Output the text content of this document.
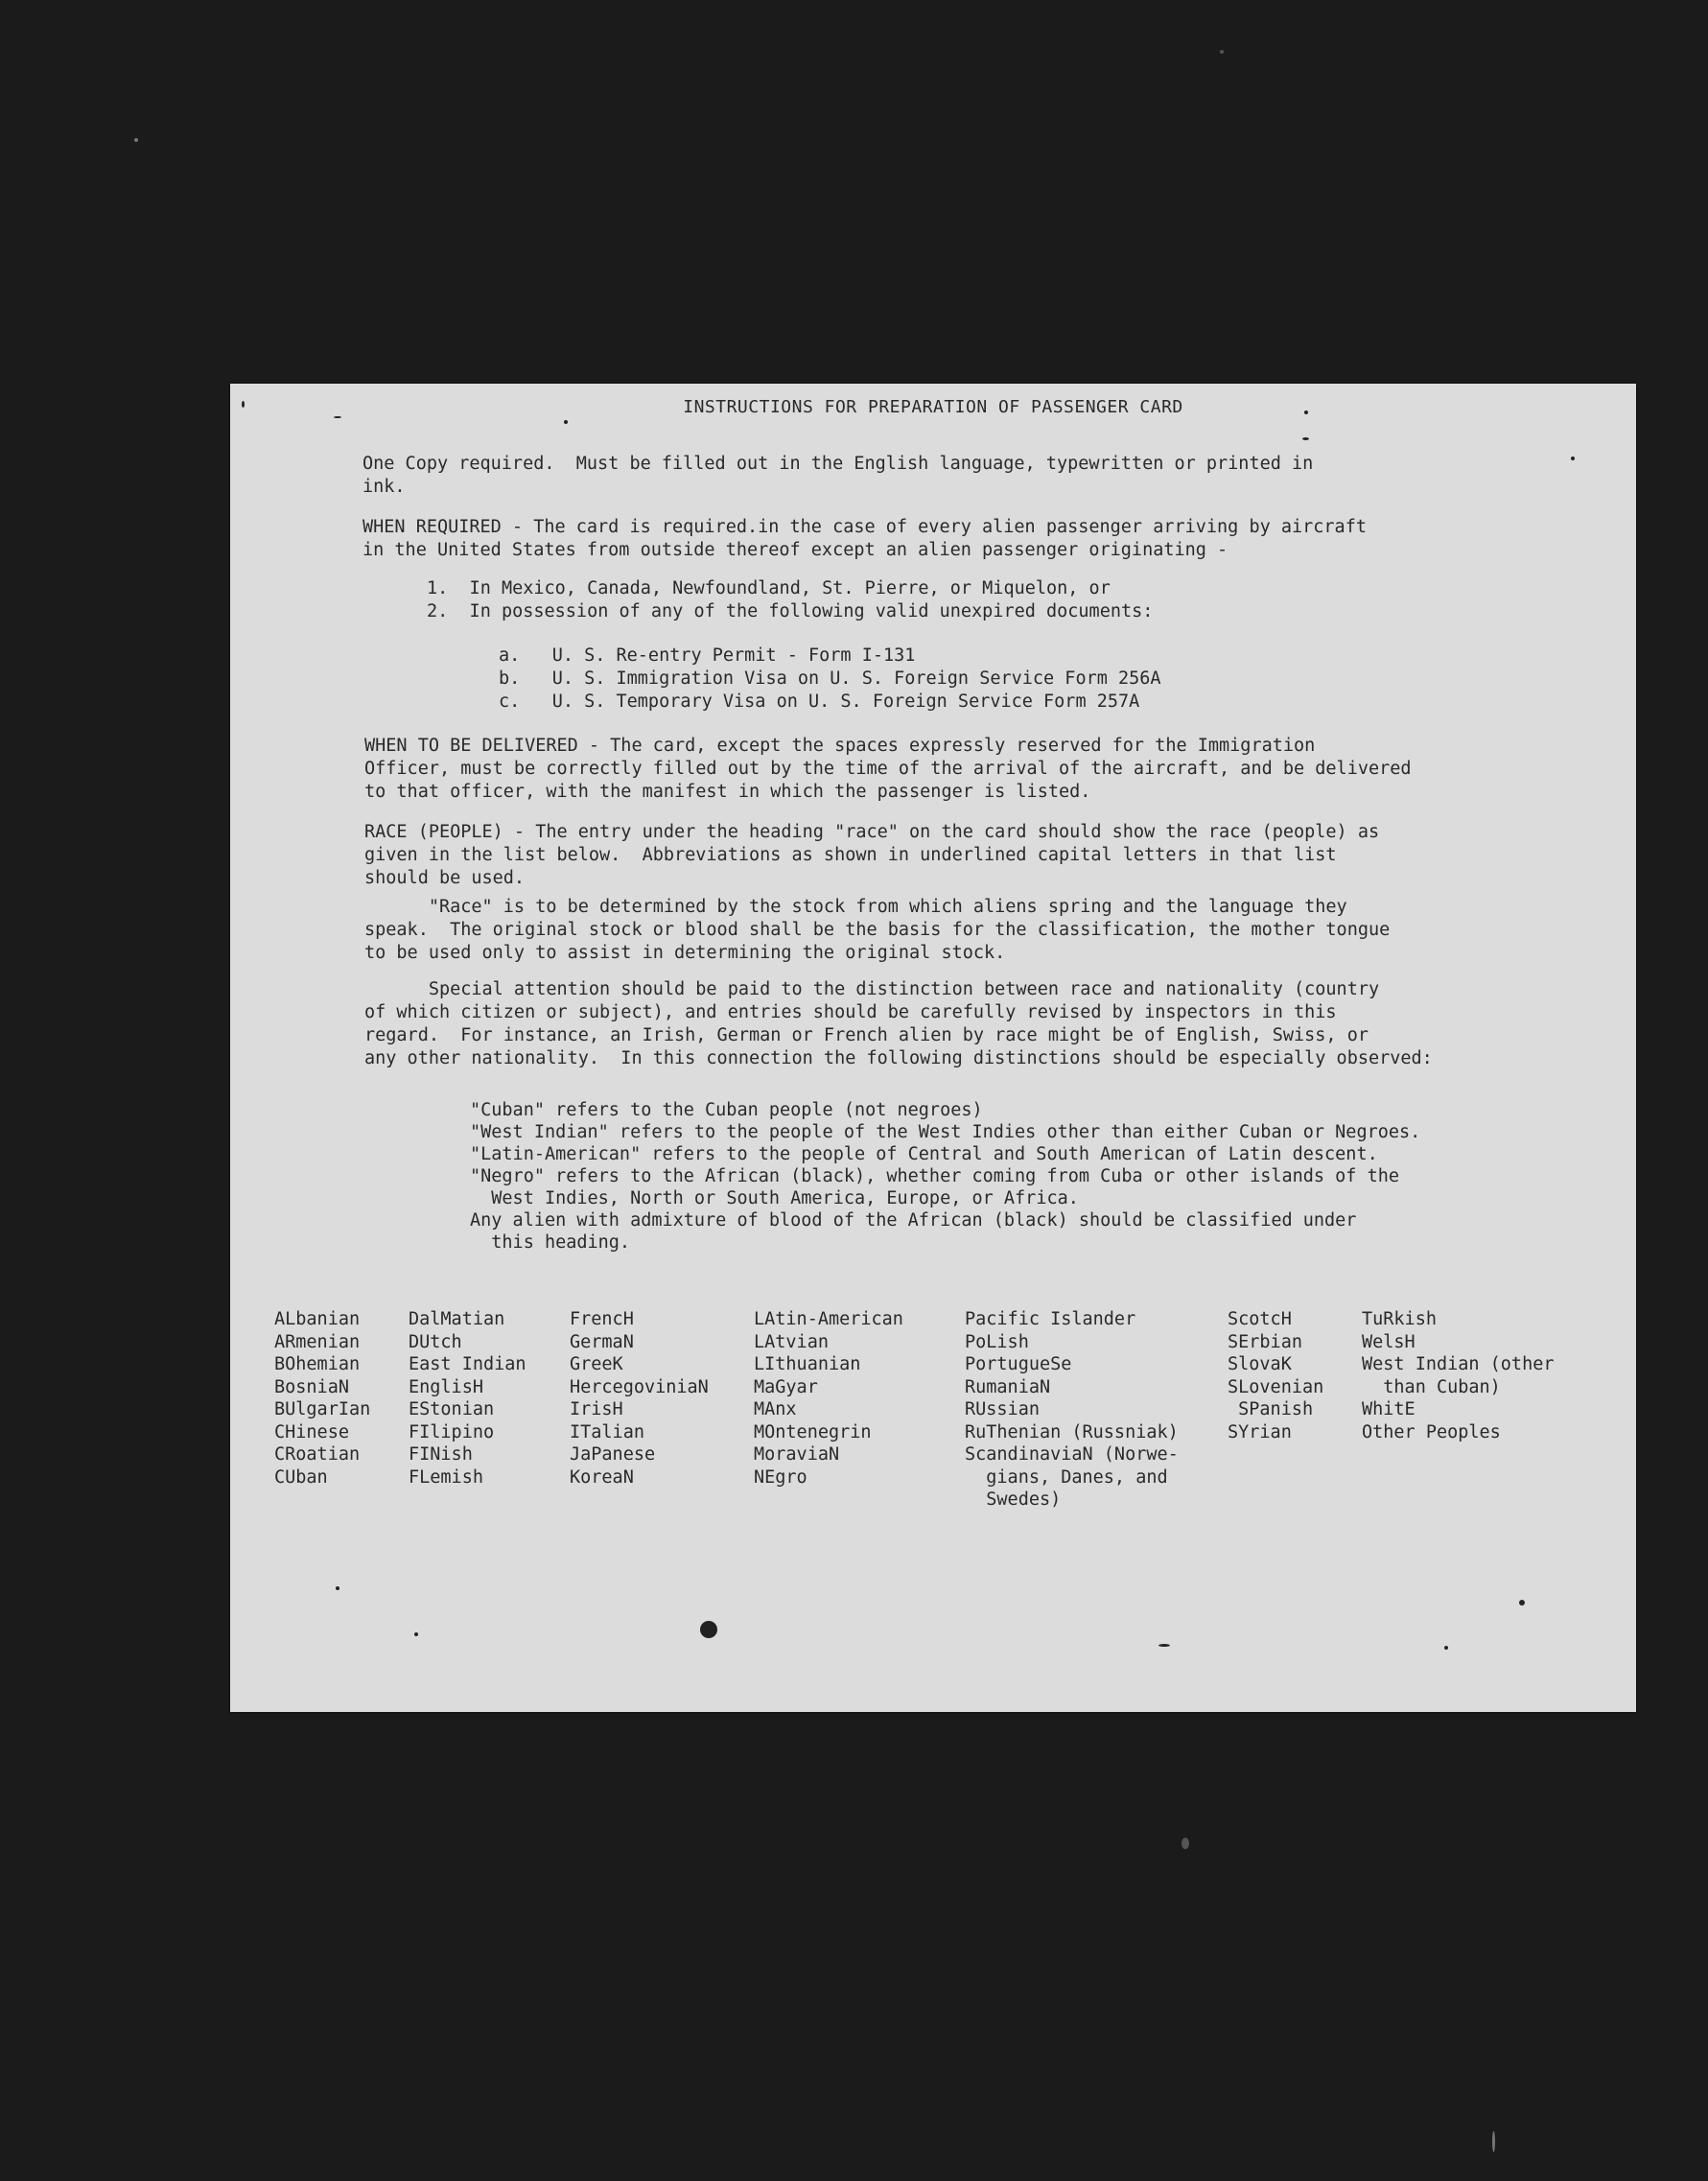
INSTRUCTIONS FOR PREPARATION OF PASSENGER CARD
One Copy required.  Must be filled out in the English language, typewritten or printed in
ink.
WHEN REQUIRED - The card is required.in the case of every alien passenger arriving by aircraft
in the United States from outside thereof except an alien passenger originating -
1.  In Mexico, Canada, Newfoundland, St. Pierre, or Miquelon, or
2.  In possession of any of the following valid unexpired documents:
a.   U. S. Re-entry Permit - Form I-131
b.   U. S. Immigration Visa on U. S. Foreign Service Form 256A
c.   U. S. Temporary Visa on U. S. Foreign Service Form 257A
WHEN TO BE DELIVERED - The card, except the spaces expressly reserved for the Immigration
Officer, must be correctly filled out by the time of the arrival of the aircraft, and be delivered
to that officer, with the manifest in which the passenger is listed.
RACE (PEOPLE) - The entry under the heading "race" on the card should show the race (people) as
given in the list below.  Abbreviations as shown in underlined capital letters in that list
should be used.
"Race" is to be determined by the stock from which aliens spring and the language they
speak.  The original stock or blood shall be the basis for the classification, the mother tongue
to be used only to assist in determining the original stock.
Special attention should be paid to the distinction between race and nationality (country
of which citizen or subject), and entries should be carefully revised by inspectors in this
regard.  For instance, an Irish, German or French alien by race might be of English, Swiss, or
any other nationality.  In this connection the following distinctions should be especially observed:
"Cuban" refers to the Cuban people (not negroes)
"West Indian" refers to the people of the West Indies other than either Cuban or Negroes.
"Latin-American" refers to the people of Central and South American of Latin descent.
"Negro" refers to the African (black), whether coming from Cuba or other islands of the
West Indies, North or South America, Europe, or Africa.
Any alien with admixture of blood of the African (black) should be classified under
this heading.
ALbanian
ARmenian
BOhemian
BosniaN
BUlgarIan
CHinese
CRoatian
CUban
DalMatian
DUtch
East Indian
EnglisH
EStonian
FIlipino
FINish
FLemish
FrencH
GermaN
GreeK
HercegoviniaN
IrisH
ITalian
JaPanese
KoreaN
LAtin-American
LAtvian
LIthuanian
MaGyar
MAnx
MOntenegrin
MoraviaN
NEgro
Pacific Islander
PoLish
PortugueSe
RumaniaN
RUssian
RuThenian (Russniak)
ScandinaviaN (Norwe-
gians, Danes, and
Swedes)
ScotcH
SErbian
SlovaK
SLovenian
SPanish
SYrian
TuRkish
WelsH
West Indian (other
than Cuban)
WhitE
Other Peoples
